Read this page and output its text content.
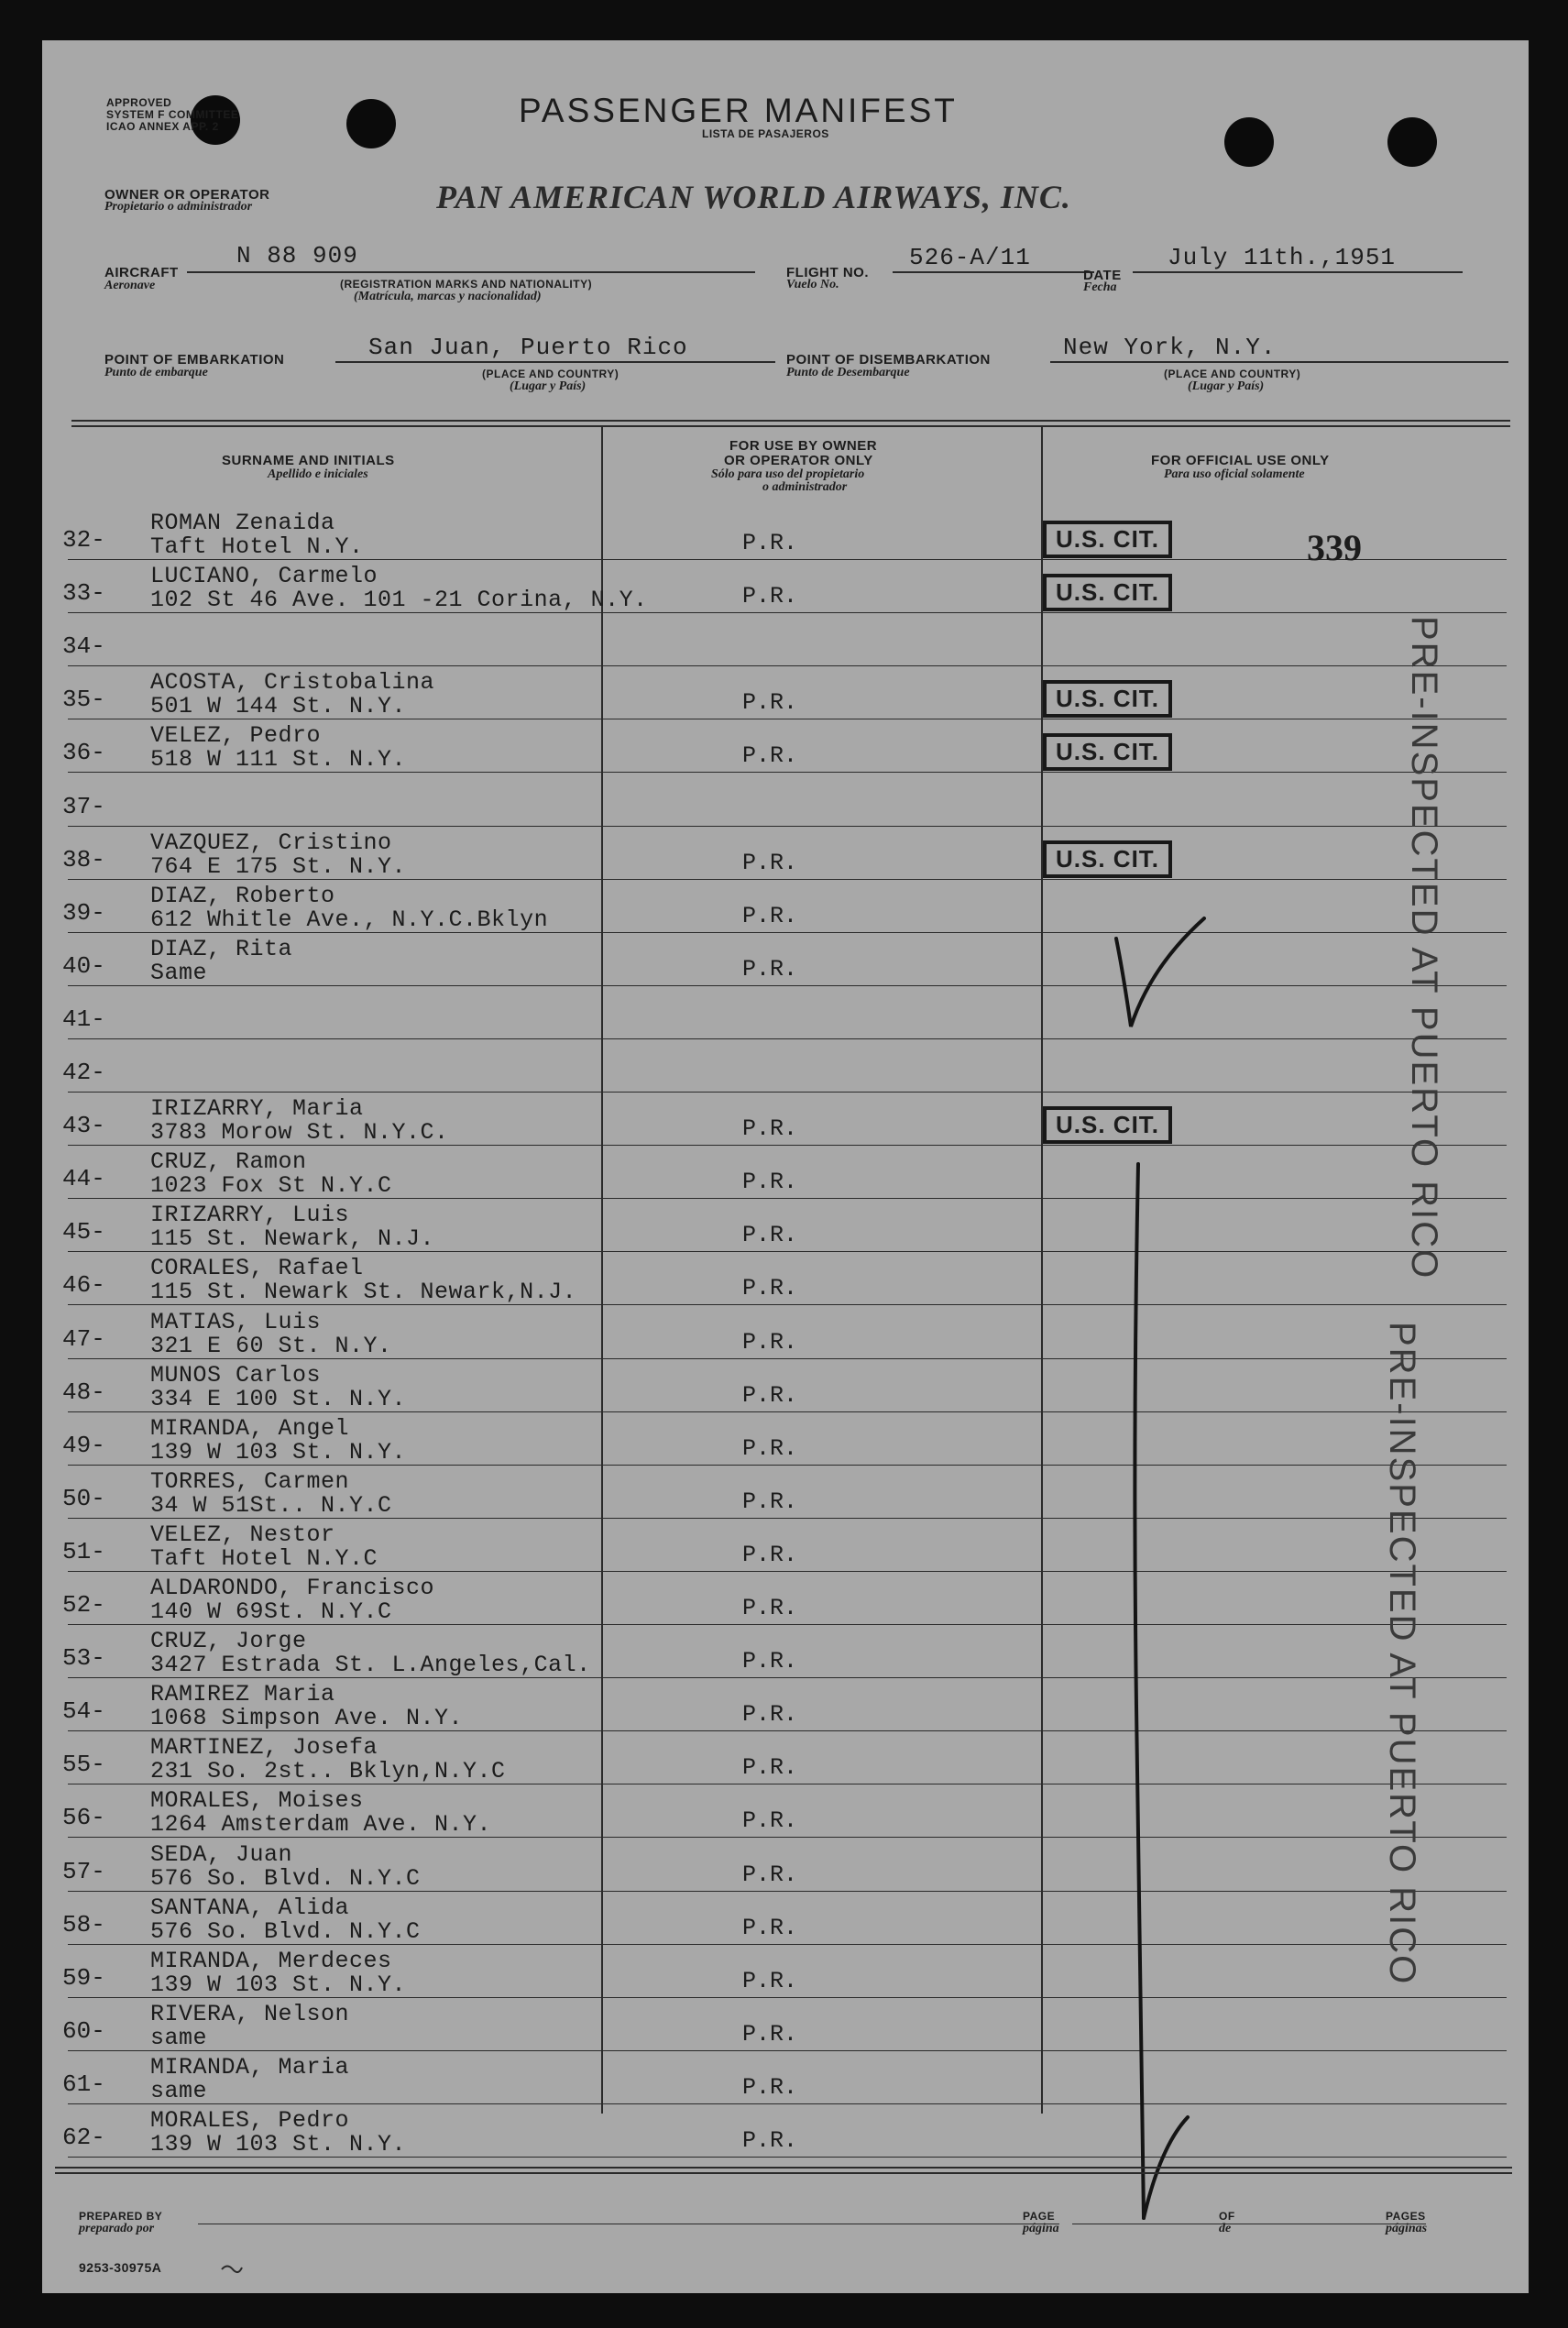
APPROVED
SYSTEM F COMMITTEE
ICAO ANNEX APP. 2	PASSENGER MANIFEST
LISTA DE PASAJEROS
OWNER OR OPERATOR
Propietario o administrador	PAN AMERICAN WORLD AIRWAYS, INC.
AIRCRAFT
Aeronave
N 88 909
(REGISTRATION MARKS AND NATIONALITY)
(Matrícula, marcas y nacionalidad)
FLIGHT NO.
Vuelo No.
526-A/11
DATE
Fecha
July 11th.,1951
POINT OF EMBARKATION
Punto de embarque
San Juan, Puerto Rico
(PLACE AND COUNTRY)
(Lugar y País)
POINT OF DISEMBARKATION
Punto de Desembarque
New York, N.Y.
(PLACE AND COUNTRY)
(Lugar y País)
SURNAME AND INITIALS
Apellido e iniciales
FOR USE BY OWNER
OR OPERATOR ONLY
Sólo para uso del propietario
o administrador
FOR OFFICIAL USE ONLY
Para uso oficial solamente
32-
ROMAN Zenaida
Taft Hotel N.Y.	P.R.	U.S. CIT.
33-
LUCIANO, Carmelo
102 St 46 Ave. 101 -21 Corina, N.Y.	P.R.	U.S. CIT.
34-
35-
ACOSTA, Cristobalina
501 W 144 St. N.Y.	P.R.	U.S. CIT.
36-
VELEZ, Pedro
518 W 111 St. N.Y.	P.R.	U.S. CIT.
37-
38-
VAZQUEZ, Cristino
764 E 175 St. N.Y.	P.R.	U.S. CIT.
39-
DIAZ, Roberto
612 Whitle Ave., N.Y.C.Bklyn	P.R.
40-
DIAZ, Rita
Same	P.R.
41-
42-
43-
IRIZARRY, Maria
3783 Morow St. N.Y.C.	P.R.	U.S. CIT.
44-
CRUZ, Ramon
1023 Fox St N.Y.C	P.R.
45-
IRIZARRY, Luis
115 St. Newark, N.J.	P.R.
46-
CORALES, Rafael
115 St. Newark St. Newark,N.J.	P.R.
47-
MATIAS, Luis
321 E 60 St. N.Y.	P.R.
48-
MUNOS Carlos
334 E 100 St. N.Y.	P.R.
49-
MIRANDA, Angel
139 W 103 St. N.Y.	P.R.
50-
TORRES, Carmen
34 W 51St.. N.Y.C	P.R.
51-
VELEZ, Nestor
Taft Hotel N.Y.C	P.R.
52-
ALDARONDO, Francisco
140 W 69St. N.Y.C	P.R.
53-
CRUZ, Jorge
3427 Estrada St. L.Angeles,Cal.	P.R.
54-
RAMIREZ Maria
1068 Simpson Ave. N.Y.	P.R.
55-
MARTINEZ, Josefa
231 So. 2st.. Bklyn,N.Y.C	P.R.
56-
MORALES, Moises
1264 Amsterdam Ave. N.Y.	P.R.
57-
SEDA, Juan
576 So. Blvd. N.Y.C	P.R.
58-
SANTANA, Alida
576 So. Blvd. N.Y.C	P.R.
59-
MIRANDA, Merdeces
139 W 103 St. N.Y.	P.R.
60-
RIVERA, Nelson
same	P.R.
61-
MIRANDA, Maria
same	P.R.
62-
MORALES, Pedro
139 W 103 St. N.Y.	P.R.
339
PRE-INSPECTED AT PUERTO RICO
PRE-INSPECTED AT PUERTO RICO
PREPARED BY
preparado por
PAGE
página
OF
de
PAGES
páginas
9253-30975A
